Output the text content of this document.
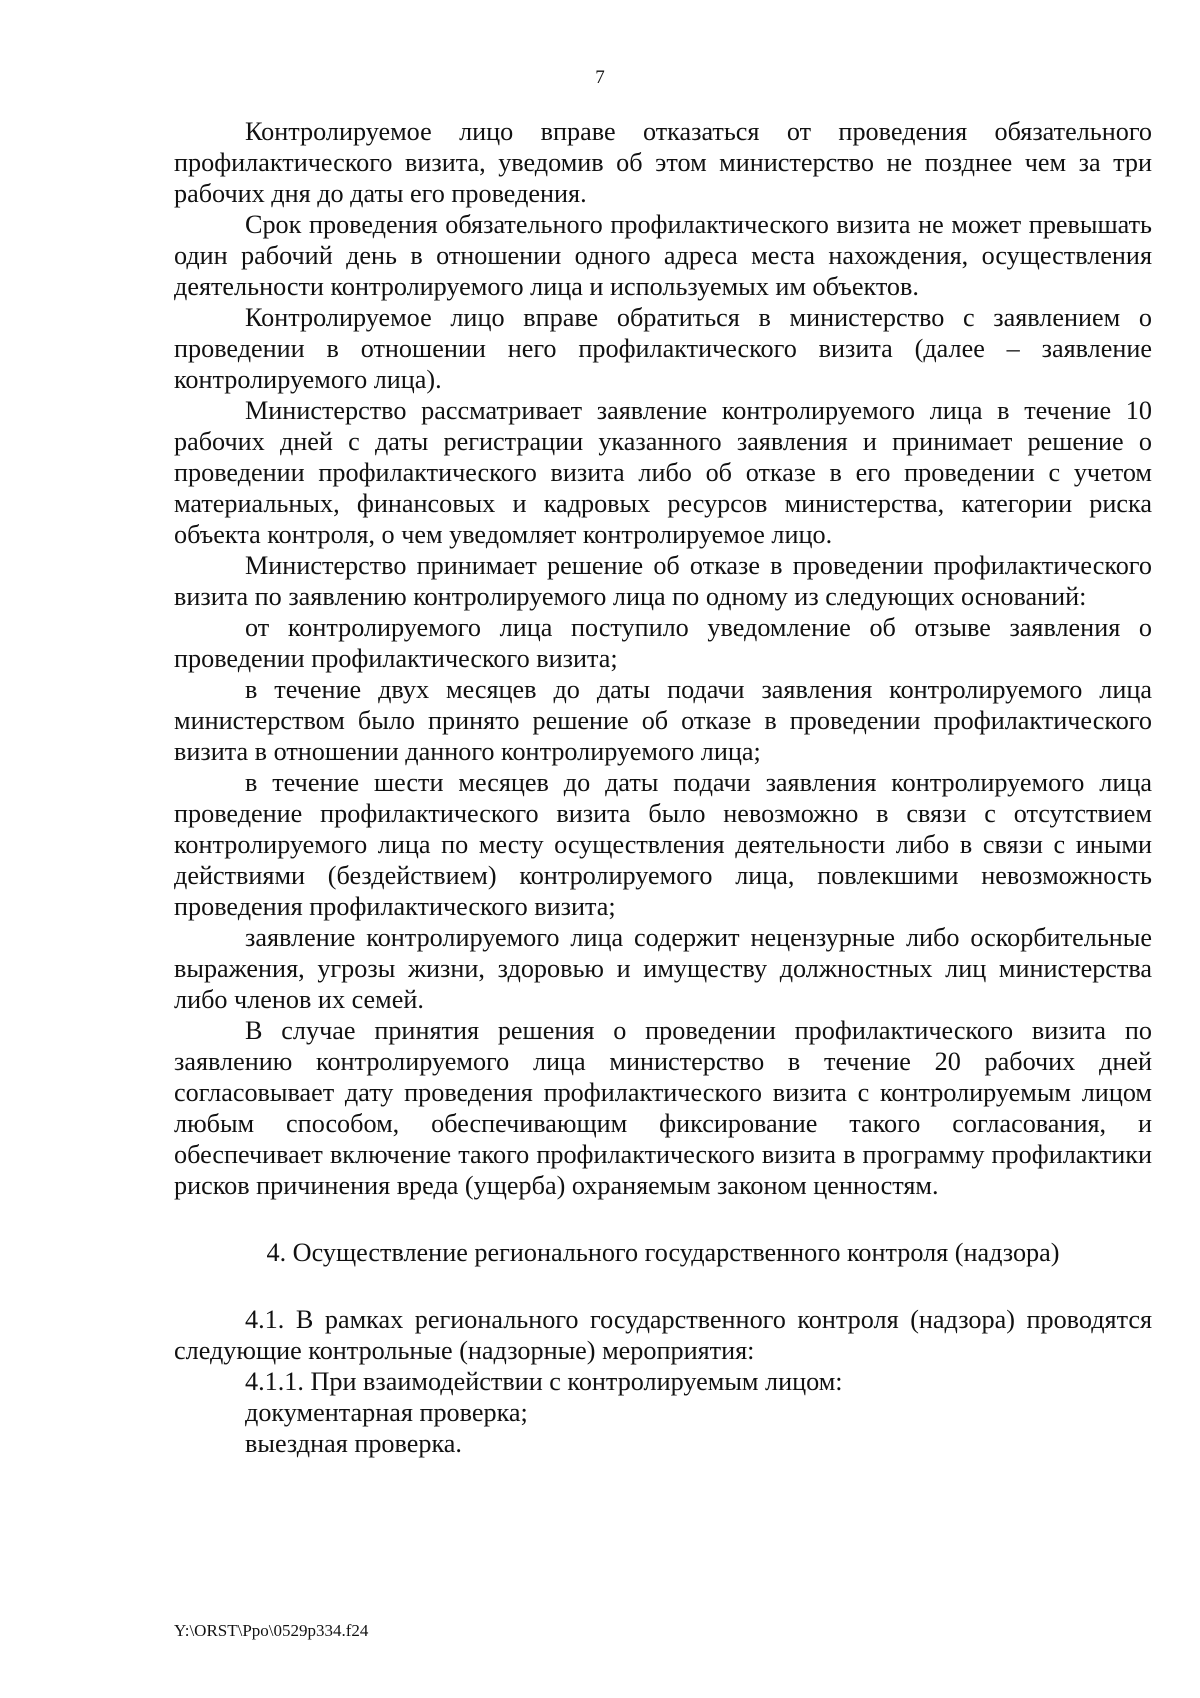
7

Контролируемое лицо вправе отказаться от проведения обязательного профилактического визита, уведомив об этом министерство не позднее чем за три рабочих дня до даты его проведения.

Срок проведения обязательного профилактического визита не может превышать один рабочий день в отношении одного адреса места нахождения, осуществления деятельности контролируемого лица и используемых им объектов.

Контролируемое лицо вправе обратиться в министерство с заявлением о проведении в отношении него профилактического визита (далее – заявление контролируемого лица).

Министерство рассматривает заявление контролируемого лица в течение 10 рабочих дней с даты регистрации указанного заявления и принимает решение о проведении профилактического визита либо об отказе в его проведении с учетом материальных, финансовых и кадровых ресурсов министерства, категории риска объекта контроля, о чем уведомляет контролируемое лицо.

Министерство принимает решение об отказе в проведении профилактического визита по заявлению контролируемого лица по одному из следующих оснований:

от контролируемого лица поступило уведомление об отзыве заявления о проведении профилактического визита;

в течение двух месяцев до даты подачи заявления контролируемого лица министерством было принято решение об отказе в проведении профилактического визита в отношении данного контролируемого лица;

в течение шести месяцев до даты подачи заявления контролируемого лица проведение профилактического визита было невозможно в связи с отсутствием контролируемого лица по месту осуществления деятельности либо в связи с иными действиями (бездействием) контролируемого лица, повлекшими невозможность проведения профилактического визита;

заявление контролируемого лица содержит нецензурные либо оскорбительные выражения, угрозы жизни, здоровью и имуществу должностных лиц министерства либо членов их семей.

В случае принятия решения о проведении профилактического визита по заявлению контролируемого лица министерство в течение 20 рабочих дней согласовывает дату проведения профилактического визита с контролируемым лицом любым способом, обеспечивающим фиксирование такого согласования, и обеспечивает включение такого профилактического визита в программу профилактики рисков причинения вреда (ущерба) охраняемым законом ценностям.

4. Осуществление регионального государственного контроля (надзора)

4.1. В рамках регионального государственного контроля (надзора) проводятся следующие контрольные (надзорные) мероприятия:

4.1.1. При взаимодействии с контролируемым лицом:

документарная проверка;

выездная проверка.

Y:\ORST\Ppo\0529p334.f24
